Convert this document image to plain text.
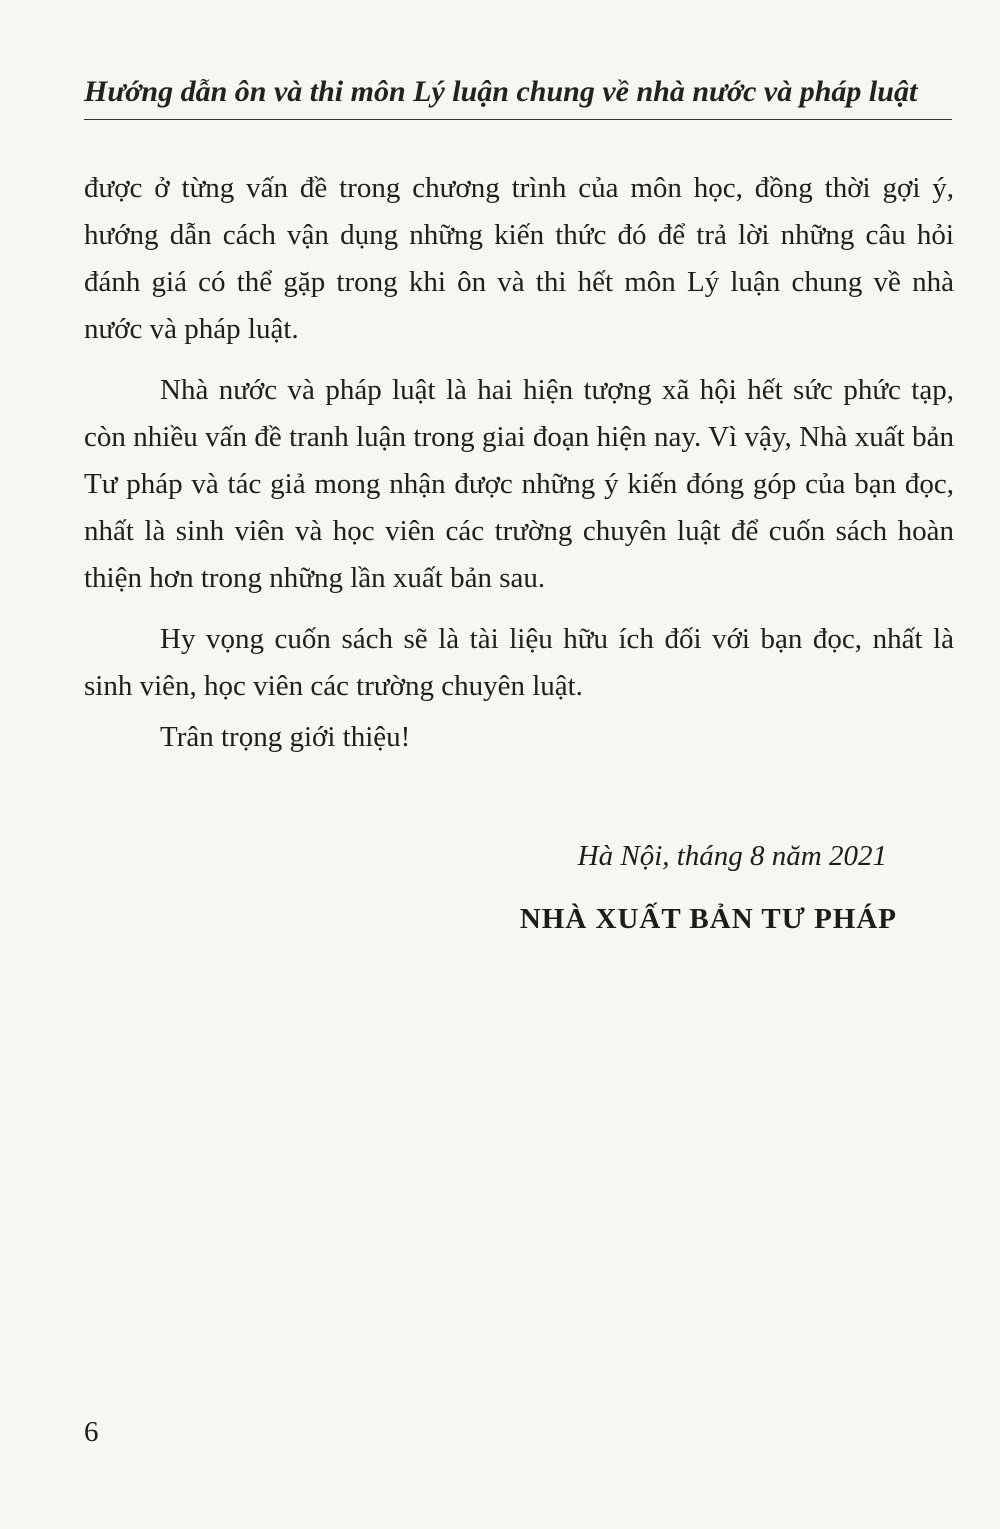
Hướng dẫn ôn và thi môn Lý luận chung về nhà nước và pháp luật

được ở từng vấn đề trong chương trình của môn học, đồng thời gợi ý, hướng dẫn cách vận dụng những kiến thức đó để trả lời những câu hỏi đánh giá có thể gặp trong khi ôn và thi hết môn Lý luận chung về nhà nước và pháp luật.

Nhà nước và pháp luật là hai hiện tượng xã hội hết sức phức tạp, còn nhiều vấn đề tranh luận trong giai đoạn hiện nay. Vì vậy, Nhà xuất bản Tư pháp và tác giả mong nhận được những ý kiến đóng góp của bạn đọc, nhất là sinh viên và học viên các trường chuyên luật để cuốn sách hoàn thiện hơn trong những lần xuất bản sau.

Hy vọng cuốn sách sẽ là tài liệu hữu ích đối với bạn đọc, nhất là sinh viên, học viên các trường chuyên luật.

Trân trọng giới thiệu!

Hà Nội, tháng 8 năm 2021
NHÀ XUẤT BẢN TƯ PHÁP
6
